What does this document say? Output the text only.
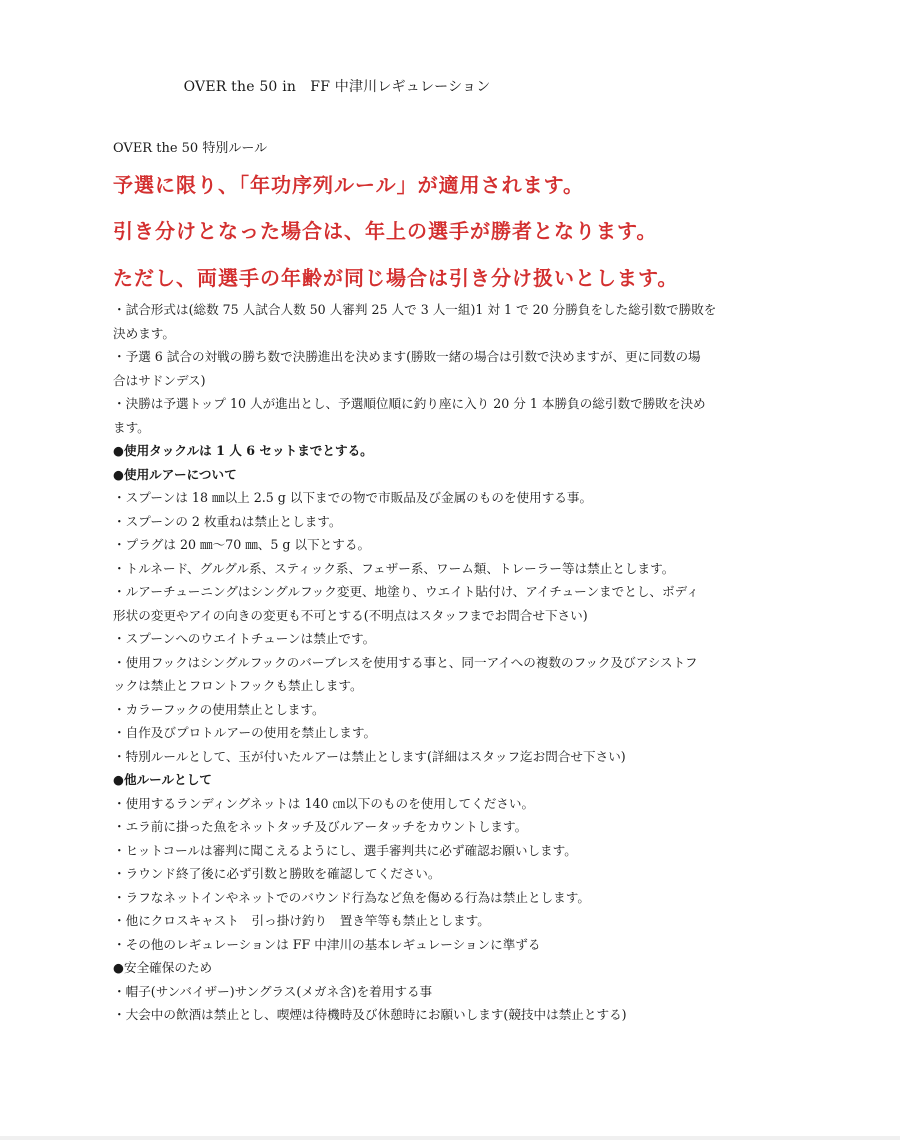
OVER the 50 in　FF 中津川レギュレーション
OVER the 50 特別ルール
予選に限り、「年功序列ルール」が適用されます。
引き分けとなった場合は、年上の選手が勝者となります。
ただし、両選手の年齢が同じ場合は引き分け扱いとします。
・試合形式は(総数 75 人試合人数 50 人審判 25 人で 3 人一組)1 対 1 で 20 分勝負をした総引数で勝敗を
決めます。
・予選 6 試合の対戦の勝ち数で決勝進出を決めます(勝敗一緒の場合は引数で決めますが、更に同数の場
合はサドンデス)
・決勝は予選トップ 10 人が進出とし、予選順位順に釣り座に入り 20 分 1 本勝負の総引数で勝敗を決め
ます。
●使用タックルは 1 人 6 セットまでとする。
●使用ルアーについて
・スプーンは 18 ㎜以上 2.5 g 以下までの物で市販品及び金属のものを使用する事。
・スプーンの 2 枚重ねは禁止とします。
・プラグは 20 ㎜〜70 ㎜、5 g 以下とする。
・トルネード、グルグル系、スティック系、フェザー系、ワーム類、トレーラー等は禁止とします。
・ルアーチューニングはシングルフック変更、地塗り、ウエイト貼付け、アイチューンまでとし、ボディ
形状の変更やアイの向きの変更も不可とする(不明点はスタッフまでお問合せ下さい)
・スプーンへのウエイトチューンは禁止です。
・使用フックはシングルフックのバーブレスを使用する事と、同一アイへの複数のフック及びアシストフ
ックは禁止とフロントフックも禁止します。
・カラーフックの使用禁止とします。
・自作及びプロトルアーの使用を禁止します。
・特別ルールとして、玉が付いたルアーは禁止とします(詳細はスタッフ迄お問合せ下さい)
●他ルールとして
・使用するランディングネットは 140 ㎝以下のものを使用してください。
・エラ前に掛った魚をネットタッチ及びルアータッチをカウントします。
・ヒットコールは審判に聞こえるようにし、選手審判共に必ず確認お願いします。
・ラウンド終了後に必ず引数と勝敗を確認してください。
・ラフなネットインやネットでのバウンド行為など魚を傷める行為は禁止とします。
・他にクロスキャスト　引っ掛け釣り　置き竿等も禁止とします。
・その他のレギュレーションは FF 中津川の基本レギュレーションに準ずる
●安全確保のため
・帽子(サンバイザー)サングラス(メガネ含)を着用する事
・大会中の飲酒は禁止とし、喫煙は待機時及び休憩時にお願いします(競技中は禁止とする)
